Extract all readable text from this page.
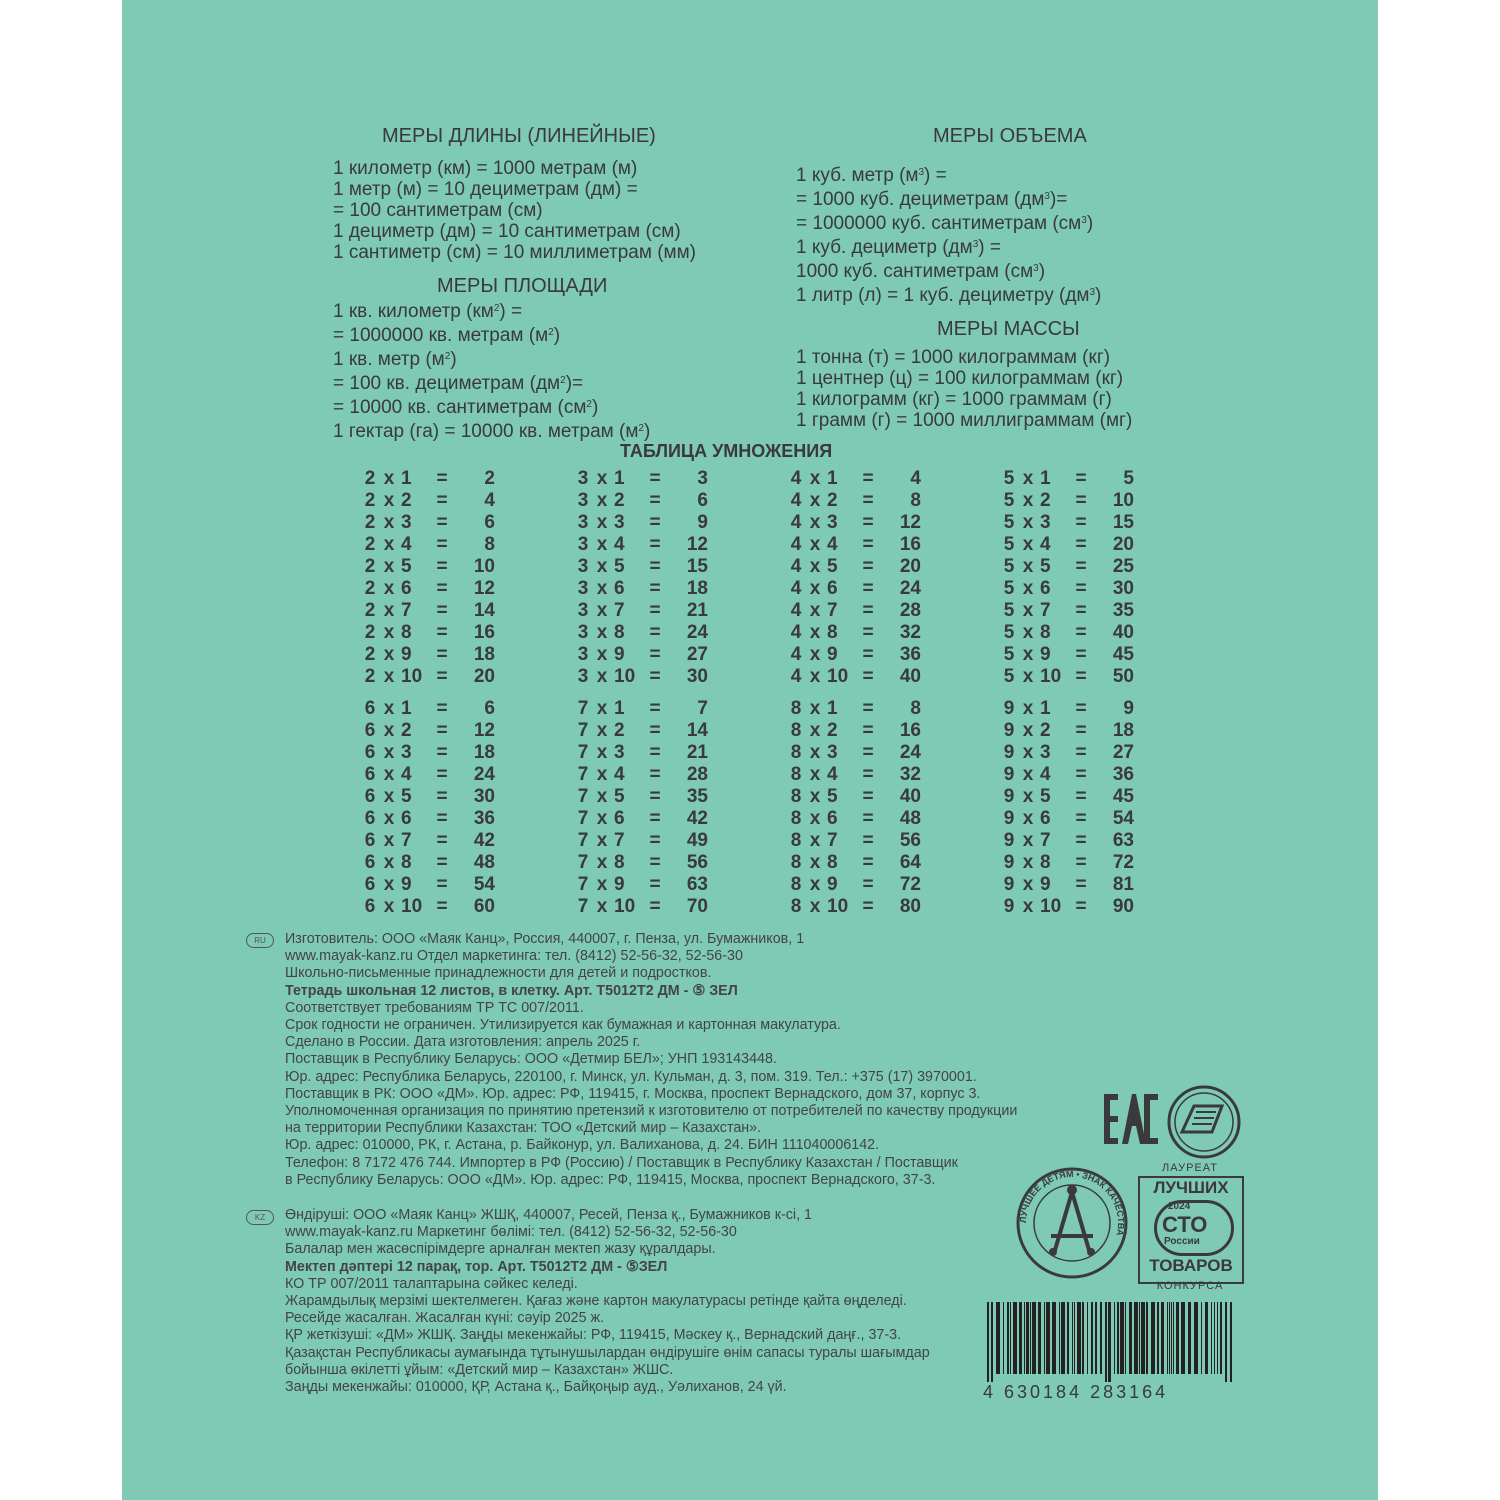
МЕРЫ ДЛИНЫ (ЛИНЕЙНЫЕ)
1 километр (км) = 1000 метрам (м)
1 метр (м) = 10 дециметрам (дм) =
= 100 сантиметрам (см)
1 дециметр (дм) = 10 сантиметрам (см)
1 сантиметр (см) = 10 миллиметрам (мм)
МЕРЫ ПЛОЩАДИ
1 кв. километр $(км^2)$ =
= 1000000 кв. метрам $(м^2)$
1 кв. метр $(м^2)$
= 100 кв. дециметрам $(дм^2)=$
= 10000 кв. сантиметрам $(см^2)$
1 гектар (га) = 10000 кв. метрам $(м^2)$
МЕРЫ ОБЪЕМА
1 куб. метр $(м^3)$ =
= 1000 куб. дециметрам $(дм^3)=$
= 1000000 куб. сантиметрам $(см^3)$
1 куб. дециметр $(дм^3)$ =
1000 куб. сантиметрам $(см^3)$
1 литр (л) = 1 куб. дециметру $(дм^3)$
МЕРЫ МАССЫ
1 тонна (т) = 1000 килограммам (кг)
1 центнер (ц) = 100 килограммам (кг)
1 килограмм (кг) = 1000 граммам (г)
1 грамм (г) = 1000 миллиграммам (мг)
ТАБЛИЦА УМНОЖЕНИЯ
2 x 1	=	2
2 x 2	=	4
2 x 3	=	6
2 x 4	=	8
2 x 5	=	10
2 x 6	=	12
2 x 7	=	14
2 x 8	=	16
2 x 9	=	18
2 x 10 =	20
3 x 1	=	3
3 x 2	=	6
3 x 3	=	9
3 x 4	=	12
3 x 5	=	15
3 x 6	=	18
3 x 7	=	21
3 x 8	=	24
3 x 9	=	27
3 x 10 =	30
4 x 1	=	4
4 x 2	=	8
4 x 3	=	12
4 x 4	=	16
4 x 5	=	20
4 x 6	=	24
4 x 7	=	28
4 x 8	=	32
4 x 9	=	36
4 x 10 =	40
5 x 1	=	5
5 x 2	=	10
5 x 3	=	15
5 x 4	=	20
5 x 5	=	25
5 x 6	=	30
5 x 7	=	35
5 x 8	=	40
5 x 9	=	45
5 x 10 =	50
6 x 1	=	6
6 x 2	=	12
6 x 3	=	18
6 x 4	=	24
6 x 5	=	30
6 x 6	=	36
6 x 7	=	42
6 x 8	=	48
6 x 9	=	54
6 x 10 =	60
7 x 1	=	7
7 x 2	=	14
7 x 3	=	21
7 x 4	=	28
7 x 5	=	35
7 x 6	=	42
7 x 7	=	49
7 x 8	=	56
7 x 9	=	63
7 x 10 =	70
8 x 1	=	8
8 x 2	=	16
8 x 3	=	24
8 x 4	=	32
8 x 5	=	40
8 x 6	=	48
8 x 7	=	56
8 x 8	=	64
8 x 9	=	72
8 x 10 =	80
9 x 1	=	9
9 x 2	=	18
9 x 3	=	27
9 x 4	=	36
9 x 5	=	45
9 x 6	=	54
9 x 7	=	63
9 x 8	=	72
9 x 9	=	81
9 x 10 =	90
RU	Изготовитель: ООО «Маяк Канц», Россия, 440007, г. Пенза, ул. Бумажников, 1
www.mayak-kanz.ru Отдел маркетинга: тел. (8412) 52-56-32, 52-56-30
Школьно-письменные принадлежности для детей и подростков.
Тетрадь школьная 12 листов, в клетку. Арт. Т5012Т2 ДМ - ⑤ ЗЕЛ
Соответствует требованиям ТР ТС 007/2011.
Срок годности не ограничен. Утилизируется как бумажная и картонная макулатура.
Сделано в России. Дата изготовления: апрель 2025 г.
Поставщик в Республику Беларусь: ООО «Детмир БЕЛ»; УНП 193143448.
Юр. адрес: Республика Беларусь, 220100, г. Минск, ул. Кульман, д. 3, пом. 319. Тел.: +375 (17) 3970001.
Поставщик в РК: ООО «ДМ». Юр. адрес: РФ, 119415, г. Москва, проспект Вернадского, дом 37, корпус 3.
Уполномоченная организация по принятию претензий к изготовителю от потребителей по качеству продукции
на территории Республики Казахстан: ТОО «Детский мир – Казахстан».
Юр. адрес: 010000, РК, г. Астана, р. Байконур, ул. Валиханова, д. 24. БИН 111040006142.
Телефон: 8 7172 476 744. Импортер в РФ (Россию) / Поставщик в Республику Казахстан / Поставщик
в Республику Беларусь: ООО «ДМ». Юр. адрес: РФ, 119415, Москва, проспект Вернадского, 37-3.
KZ	Өндіруші: ООО «Маяк Канц» ЖШҚ, 440007, Ресей, Пенза қ., Бумажников к-сі, 1
www.mayak-kanz.ru Маркетинг бөлімі: тел. (8412) 52-56-32, 52-56-30
Балалар мен жасөспірімдерге арналған мектеп жазу құралдары.
Мектеп дәптері 12 парақ, тор. Арт. Т5012Т2 ДМ - ⑤ЗЕЛ
КО ТР 007/2011 талаптарына сәйкес келеді.
Жарамдылық мерзімі шектелмеген. Қағаз және картон макулатурасы ретінде қайта өңделеді.
Ресейде жасалған. Жасалған күні: сәуір 2025 ж.
ҚР жеткізуші: «ДМ» ЖШҚ. Заңды мекенжайы: РФ, 119415, Мәскеу қ., Вернадский даңғ., 37-3.
Қазақстан Республикасы аумағында тұтынушылардан өндірушіге өнім сапасы туралы шағымдар
бойынша өкілетті ұйым: «Детский мир – Казахстан» ЖШС.
Заңды мекенжайы: 010000, ҚР, Астана қ., Байқоңыр ауд., Уәлиханов, 24 үй.
EAC
ЛУЧШЕЕ ДЕТЯМ • ЗНАК КАЧЕСТВА
ЛАУРЕАТ
ЛУЧШИХ
2024
СТО
России
ТОВАРОВ
КОНКУРСА
4 630184 283164
